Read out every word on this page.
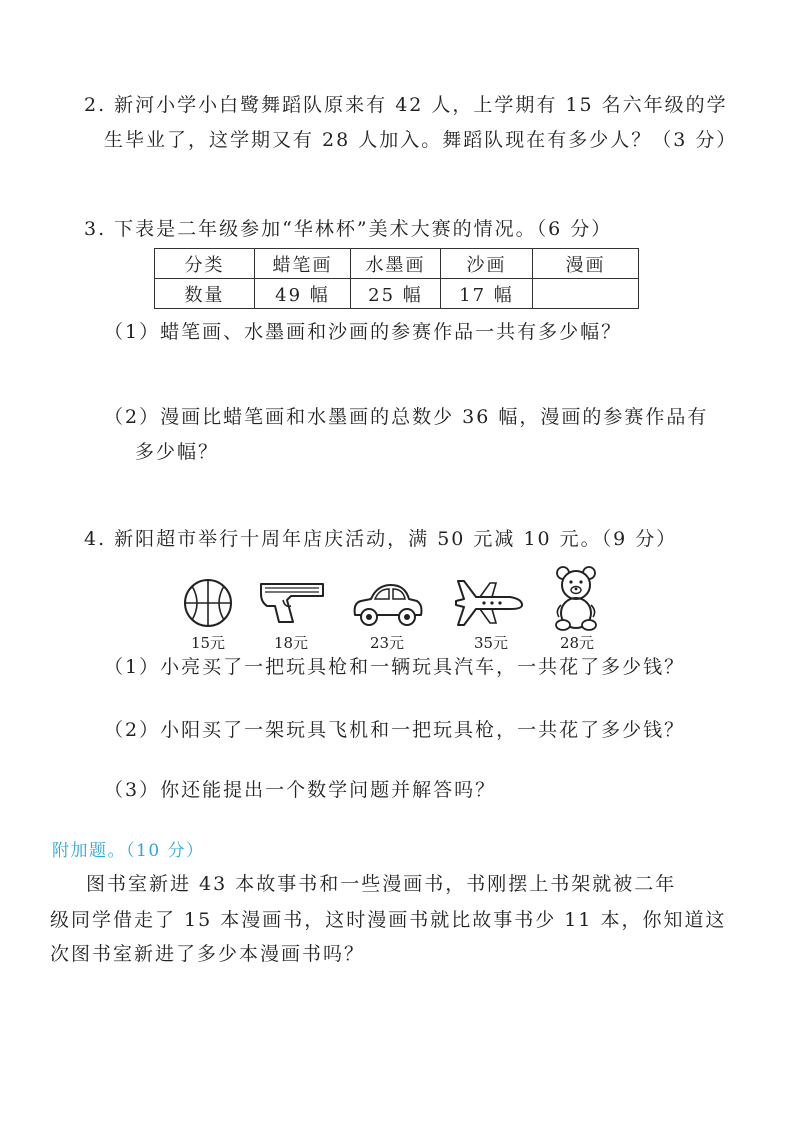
2. 新河小学小白鹭舞蹈队原来有 42 人，上学期有 15 名六年级的学
生毕业了，这学期又有 28 人加入。舞蹈队现在有多少人？（3 分）
3. 下表是二年级参加“华林杯”美术大赛的情况。（6 分）
分类	蜡笔画	水墨画	沙画	漫画
数量	49 幅	25 幅	17 幅	
（1）蜡笔画、水墨画和沙画的参赛作品一共有多少幅？
（2）漫画比蜡笔画和水墨画的总数少 36 幅，漫画的参赛作品有
多少幅？
4. 新阳超市举行十周年店庆活动，满 50 元减 10 元。（9 分）
15元	18元	23元	35元	28元
（1）小亮买了一把玩具枪和一辆玩具汽车，一共花了多少钱？
（2）小阳买了一架玩具飞机和一把玩具枪，一共花了多少钱？
（3）你还能提出一个数学问题并解答吗？
附加题。（10 分）
图书室新进 43 本故事书和一些漫画书，书刚摆上书架就被二年
级同学借走了 15 本漫画书，这时漫画书就比故事书少 11 本，你知道这
次图书室新进了多少本漫画书吗？
